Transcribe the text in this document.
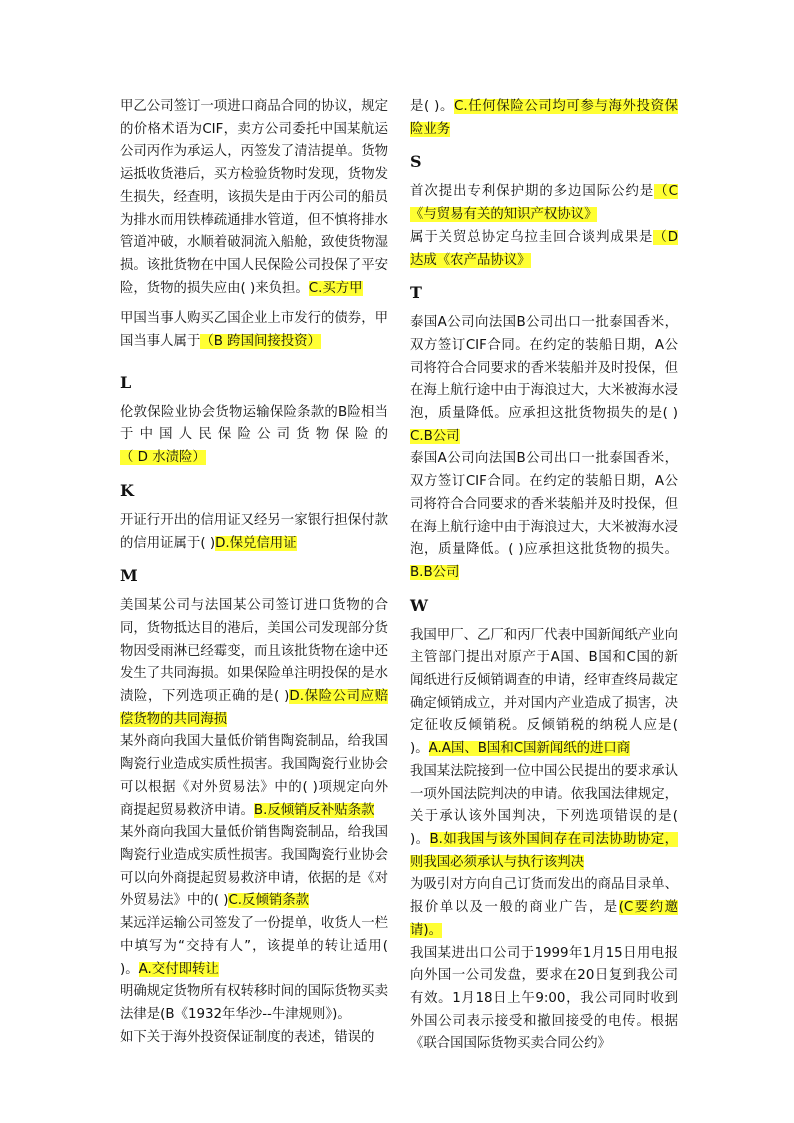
甲乙公司签订一项进口商品合同的协议，规定的价格术语为CIF，卖方公司委托中国某航运公司丙作为承运人，丙签发了清洁提单。货物运抵收货港后，买方检验货物时发现，货物发生损失，经查明，该损失是由于丙公司的船员为排水而用铁棒疏通排水管道，但不慎将排水管道冲破，水顺着破洞流入船舱，致使货物湿损。该批货物在中国人民保险公司投保了平安险，货物的损失应由( )来负担。C.买方甲

甲国当事人购买乙国企业上市发行的债券，甲国当事人属于（B 跨国间接投资）

L

伦敦保险业协会货物运输保险条款的B险相当于中国人民保险公司货物保险的（ D 水渍险）

K

开证行开出的信用证又经另一家银行担保付款的信用证属于( )D.保兑信用证

M

美国某公司与法国某公司签订进口货物的合同，货物抵达目的港后，美国公司发现部分货物因受雨淋已经霉变，而且该批货物在途中还发生了共同海损。如果保险单注明投保的是水渍险，下列选项正确的是( )D.保险公司应赔偿货物的共同海损

某外商向我国大量低价销售陶瓷制品，给我国陶瓷行业造成实质性损害。我国陶瓷行业协会可以根据《对外贸易法》中的( )项规定向外商提起贸易救济申请。B.反倾销反补贴条款

某外商向我国大量低价销售陶瓷制品，给我国陶瓷行业造成实质性损害。我国陶瓷行业协会可以向外商提起贸易救济申请，依据的是《对外贸易法》中的( )C.反倾销条款

某远洋运输公司签发了一份提单，收货人一栏中填写为“交持有人”，该提单的转让适用( )。A.交付即转让

明确规定货物所有权转移时间的国际货物买卖法律是(B《1932年华沙--牛津规则》)。

如下关于海外投资保证制度的表述，错误的

是( )。C.任何保险公司均可参与海外投资保险业务

S

首次提出专利保护期的多边国际公约是（C《与贸易有关的知识产权协议》

属于关贸总协定乌拉圭回合谈判成果是（D 达成《农产品协议》

T

泰国A公司向法国B公司出口一批泰国香米，双方签订CIF合同。在约定的装船日期，A公司将符合合同要求的香米装船并及时投保，但在海上航行途中由于海浪过大，大米被海水浸泡，质量降低。应承担这批货物损失的是( )C.B公司

泰国A公司向法国B公司出口一批泰国香米，双方签订CIF合同。在约定的装船日期，A公司将符合合同要求的香米装船并及时投保，但在海上航行途中由于海浪过大，大米被海水浸泡，质量降低。( )应承担这批货物的损失。B.B公司

W

我国甲厂、乙厂和丙厂代表中国新闻纸产业向主管部门提出对原产于A国、B国和C国的新闻纸进行反倾销调查的申请，经审查终局裁定确定倾销成立，并对国内产业造成了损害，决定征收反倾销税。反倾销税的纳税人应是( )。A.A国、B国和C国新闻纸的进口商

我国某法院接到一位中国公民提出的要求承认一项外国法院判决的申请。依我国法律规定，关于承认该外国判决，下列选项错误的是( )。B.如我国与该外国间存在司法协助协定，则我国必须承认与执行该判决

为吸引对方向自己订货而发出的商品目录单、报价单以及一般的商业广告，是(C要约邀请)。

我国某进出口公司于1999年1月15日用电报向外国一公司发盘，要求在20日复到我公司有效。1月18日上午9:00，我公司同时收到外国公司表示接受和撤回接受的电传。根据《联合国国际货物买卖合同公约》
